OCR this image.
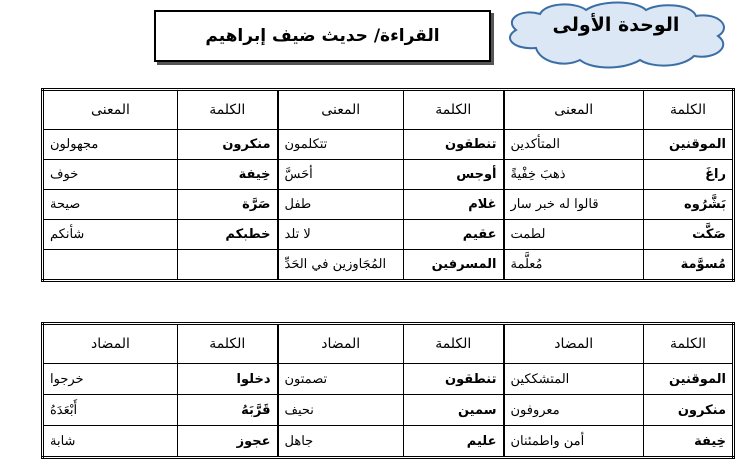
الوحدة الأولى
القراءة/ حديث ضيف إبراهيم
الكلمة	المعنى	الكلمة	المعنى	الكلمة	المعنى
الموقنين	المتأكدين	تنطقون	تتكلمون	منكرون	مجهولون
راغَ	ذهبَ خِفْيةً	أوجس	أحَسَّ	خِيفة	خوف
بَشَّرُوه	قالوا له خبر سار	غلام	طفل	صَرَّة	صيحة
صَكَّت	لطمت	عقيم	لا تلد	خطبكم	شأنكم
مُسوَّمة	مُعلَّمة	المسرفين	المُجَاوزين في الحَدِّ		
الكلمة	المضاد	الكلمة	المضاد	الكلمة	المضاد
الموقنين	المتشككين	تنطقون	تصمتون	دخلوا	خرجوا
منكرون	معروفون	سمين	نحيف	قَرَّبَهُ	أَبْعَدَهُ
خِيفة	أمن واطمئنان	عليم	جاهل	عجوز	شابة
